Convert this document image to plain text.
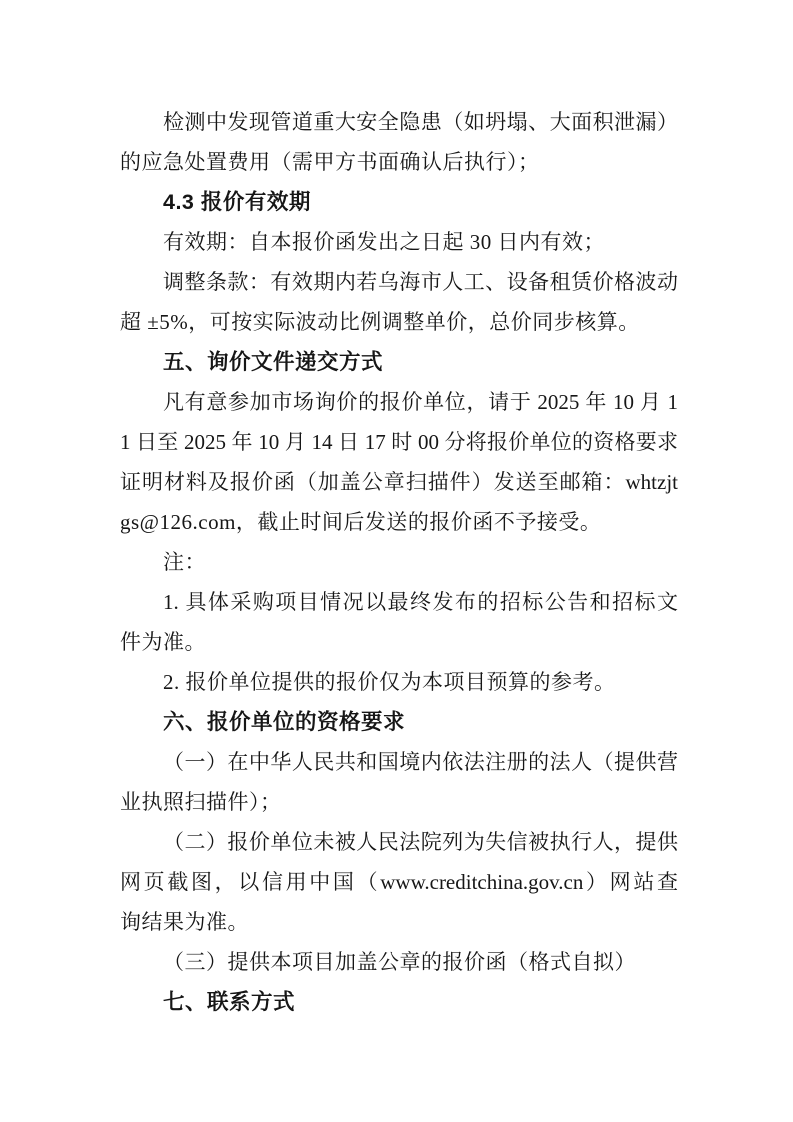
检测中发现管道重大安全隐患（如坍塌、大面积泄漏）
的应急处置费用（需甲方书面确认后执行）；
4.3 报价有效期
有效期：自本报价函发出之日起 30 日内有效；
调整条款：有效期内若乌海市人工、设备租赁价格波动
超 ±5%，可按实际波动比例调整单价，总价同步核算。
五、询价文件递交方式
凡有意参加市场询价的报价单位，请于 2025 年 10 月 1
1 日至 2025 年 10 月 14 日 17 时 00 分将报价单位的资格要求
证明材料及报价函（加盖公章扫描件）发送至邮箱：whtzjt
gs@126.com，截止时间后发送的报价函不予接受。
注：
1. 具体采购项目情况以最终发布的招标公告和招标文
件为准。
2. 报价单位提供的报价仅为本项目预算的参考。
六、报价单位的资格要求
（一）在中华人民共和国境内依法注册的法人（提供营
业执照扫描件）；
（二）报价单位未被人民法院列为失信被执行人，提供
网页截图，以信用中国（www.creditchina.gov.cn）网站查
询结果为准。
（三）提供本项目加盖公章的报价函（格式自拟）
七、联系方式
